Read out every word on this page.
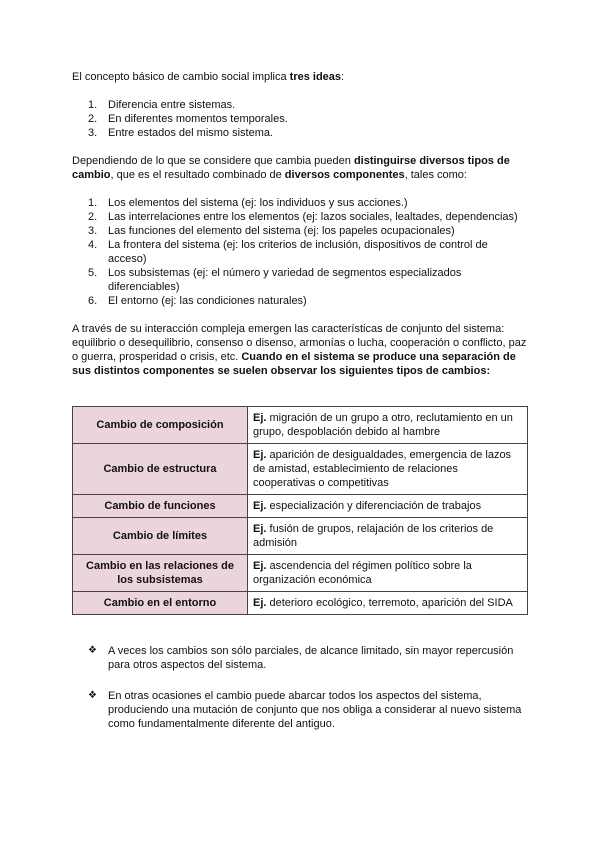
El concepto básico de cambio social implica tres ideas:

1. Diferencia entre sistemas.
2. En diferentes momentos temporales.
3. Entre estados del mismo sistema.

Dependiendo de lo que se considere que cambia pueden distinguirse diversos tipos de cambio, que es el resultado combinado de diversos componentes, tales como:

1. Los elementos del sistema (ej: los individuos y sus acciones.)
2. Las interrelaciones entre los elementos (ej: lazos sociales, lealtades, dependencias)
3. Las funciones del elemento del sistema (ej: los papeles ocupacionales)
4. La frontera del sistema (ej: los criterios de inclusión, dispositivos de control de acceso)
5. Los subsistemas (ej: el número y variedad de segmentos especializados diferenciables)
6. El entorno (ej: las condiciones naturales)

A través de su interacción compleja emergen las características de conjunto del sistema: equilibrio o desequilibrio, consenso o disenso, armonías o lucha, cooperación o conflicto, paz o guerra, prosperidad o crisis, etc. Cuando en el sistema se produce una separación de sus distintos componentes se suelen observar los siguientes tipos de cambios:

Cambio de composición	Ej. migración de un grupo a otro, reclutamiento en un grupo, despoblación debido al hambre
Cambio de estructura	Ej. aparición de desigualdades, emergencia de lazos de amistad, establecimiento de relaciones cooperativas o competitivas
Cambio de funciones	Ej. especialización y diferenciación de trabajos
Cambio de límites	Ej. fusión de grupos, relajación de los criterios de admisión
Cambio en las relaciones de los subsistemas	Ej. ascendencia del régimen político sobre la organización económica
Cambio en el entorno	Ej. deterioro ecológico, terremoto, aparición del SIDA
❖ A veces los cambios son sólo parciales, de alcance limitado, sin mayor repercusión para otros aspectos del sistema.
❖ En otras ocasiones el cambio puede abarcar todos los aspectos del sistema, produciendo una mutación de conjunto que nos obliga a considerar al nuevo sistema como fundamentalmente diferente del antiguo.
